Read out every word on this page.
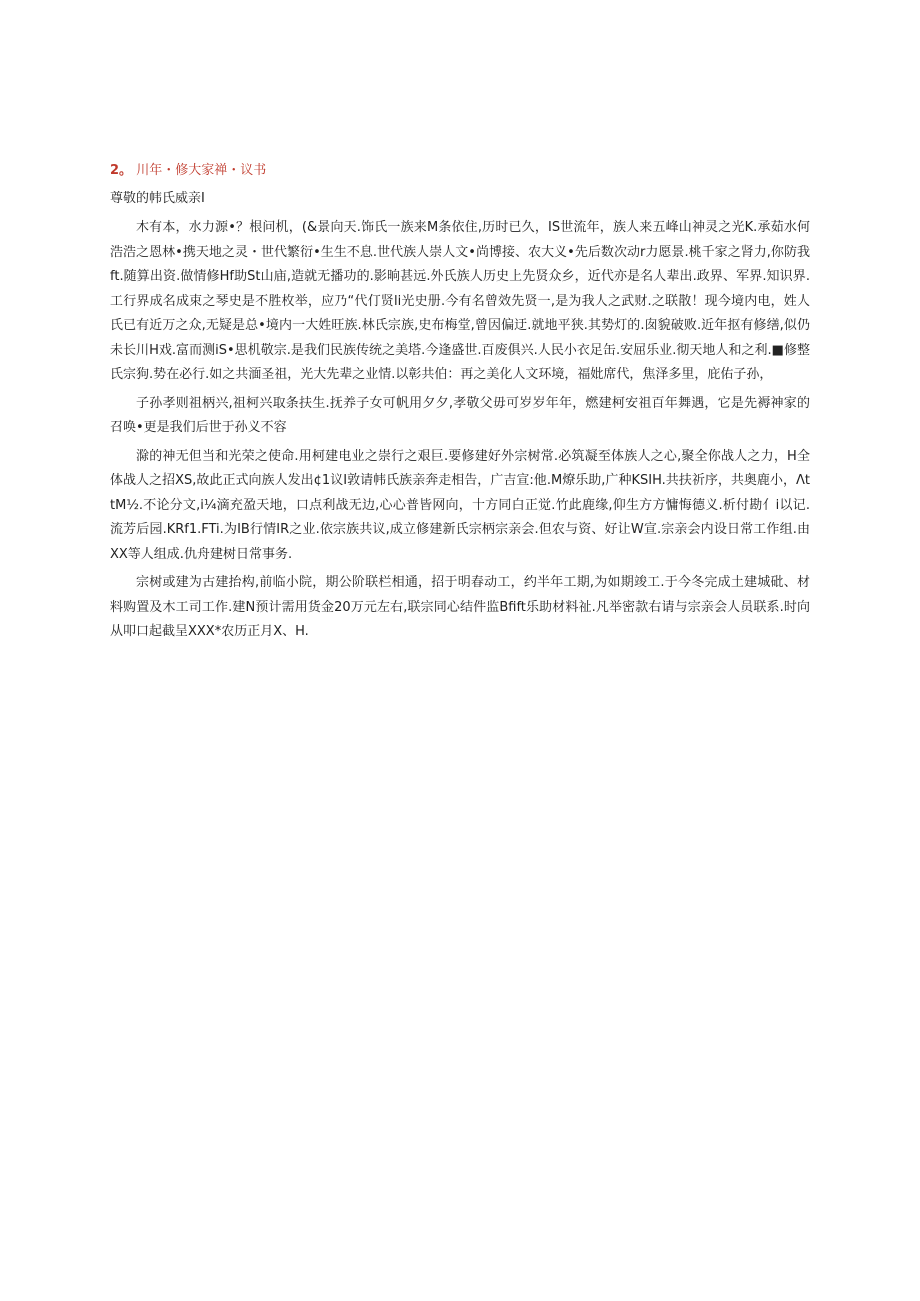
2。 川年・修大家禅・议书
尊敬的帏氏威亲I

木有本，水力源•？根问机，(&景向天.饰氏一族来M条依住,历时已久，IS世流年，族人来五峰山神灵之光K.承茹水何浩浩之恩林•携天地之灵・世代繁衍•生生不息.世代族人崇人文•尚博接、农大义•先后数次动r力愿景.桃千家之肾力,你防我ft.随算出资.做情修Hf助St山庙,造就无播功的.影晌甚远.外氏族人历史上先贤众乡，近代亦是名人辈出.政界、军界.知识界.工行界成名成束之琴史是不胜枚举，应乃“代仃贤li光史册.今有名曾效先贤一,是为我人之武财.之联散！现今境内电，姓人氏已有近万之众,无疑是总•境内一大姓旺族.林氏宗族,史布梅堂,曾因偏迂.就地平狭.其势灯的.囱貌破败.近年抠有修缮,似仍未长川H戏.富而测iS•思机敬宗.是我们民族传统之美塔.今逢盛世.百废俱兴.人民小衣足缶.安屈乐业.彻天地人和之利.■修整氏宗狗.势在必行.如之共湎圣祖，光大先辈之业情.以彰共伯：再之美化人文环境，福妣席代，焦泽多里，庇佑子孙，

子孙孝则祖柄兴,祖柯兴取条扶生.抚养子女可帆用夕夕,孝敬父毋可岁岁年年，燃建柯安祖百年舞遇，它是先褥神家的召唤•更是我们后世于孙义不容

滁的神无但当和光荣之使命.用柯建电业之崇行之艰巨.要修建好外宗树常.必筑凝至体族人之心,聚全你战人之力，H全体战人之招XS,故此正式向族人发出¢1议I敦请帏氏族亲奔走相告，广吉宣:他.M燎乐助,广种KSIH.共扶祈序，共奥鹿小，ΛttM½.不论分文,i¼滴充盈天地，口点利战无边,心心普皆网向，十方同白正觉.竹此鹿缘,仰生方方慵悔德义.析付勘亻i以记.流芳后园.KRf1.FTi.为IB行情IR之业.依宗族共议,成立修建新氏宗柄宗亲会.但农与资、好让W宣.宗亲会内设日常工作组.由XX等人组成.仇舟建树日常事务.

宗树或建为古建抬构,前临小院，期公阶联栏相通，招于明春动工，约半年工期,为如期竣工.于今冬完成土建城砒、材料购置及木工司工作.建N预计需用货金20万元左右,联宗同心结件监Bfift乐助材料祉.凡举密款右请与宗亲会人员联系.时向从叩口起截呈XXX*农历正月X、H.
